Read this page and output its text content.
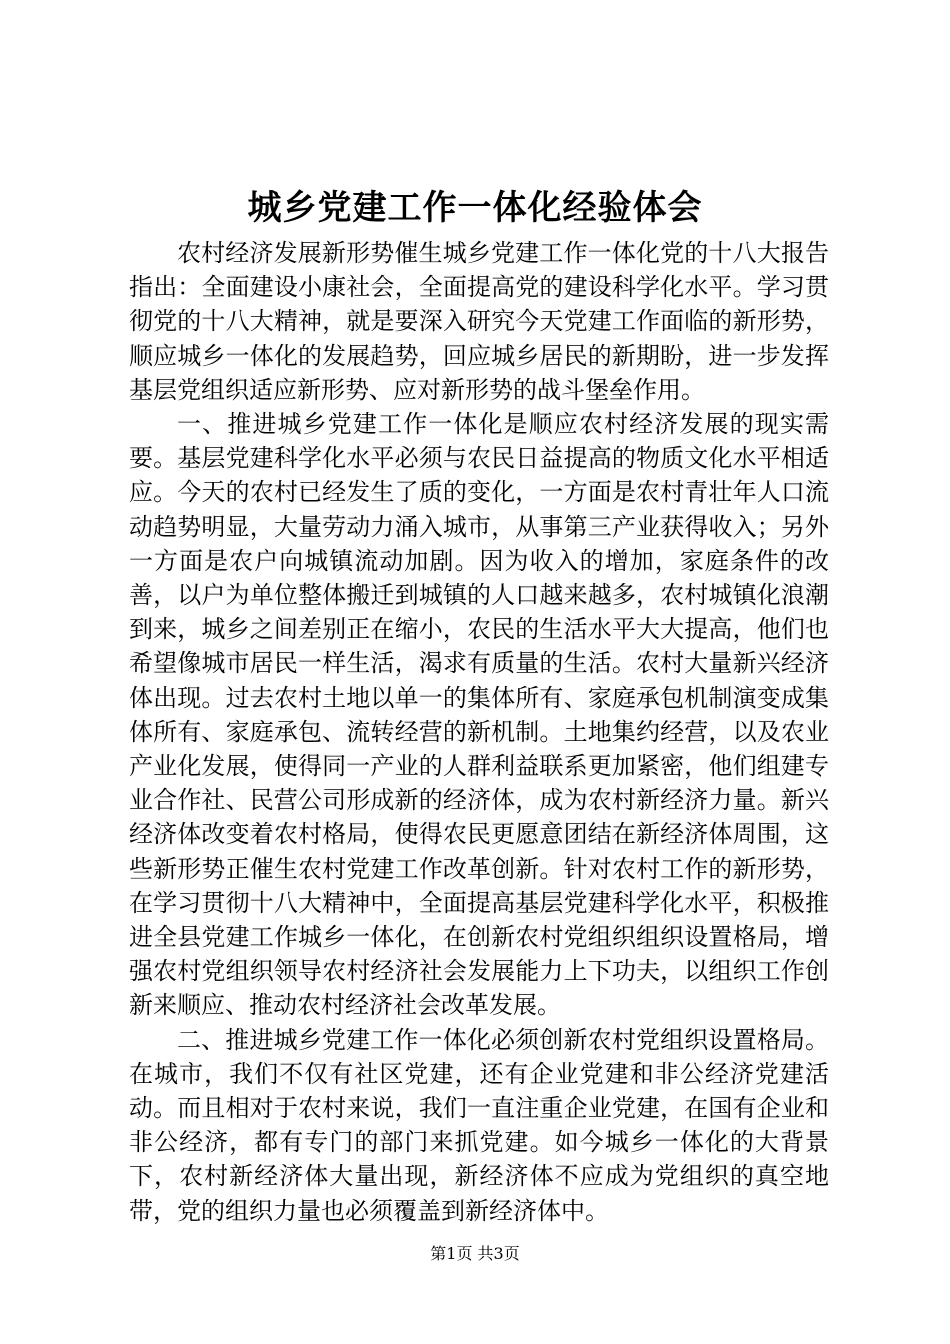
城乡党建工作一体化经验体会

农村经济发展新形势催生城乡党建工作一体化党的十八大报告指出：全面建设小康社会，全面提高党的建设科学化水平。学习贯彻党的十八大精神，就是要深入研究今天党建工作面临的新形势，顺应城乡一体化的发展趋势，回应城乡居民的新期盼，进一步发挥基层党组织适应新形势、应对新形势的战斗堡垒作用。

一、推进城乡党建工作一体化是顺应农村经济发展的现实需要。基层党建科学化水平必须与农民日益提高的物质文化水平相适应。今天的农村已经发生了质的变化，一方面是农村青壮年人口流动趋势明显，大量劳动力涌入城市，从事第三产业获得收入；另外一方面是农户向城镇流动加剧。因为收入的增加，家庭条件的改善，以户为单位整体搬迁到城镇的人口越来越多，农村城镇化浪潮到来，城乡之间差别正在缩小，农民的生活水平大大提高，他们也希望像城市居民一样生活，渴求有质量的生活。农村大量新兴经济体出现。过去农村土地以单一的集体所有、家庭承包机制演变成集体所有、家庭承包、流转经营的新机制。土地集约经营，以及农业产业化发展，使得同一产业的人群利益联系更加紧密，他们组建专业合作社、民营公司形成新的经济体，成为农村新经济力量。新兴经济体改变着农村格局，使得农民更愿意团结在新经济体周围，这些新形势正催生农村党建工作改革创新。针对农村工作的新形势，在学习贯彻十八大精神中，全面提高基层党建科学化水平，积极推进全县党建工作城乡一体化，在创新农村党组织组织设置格局，增强农村党组织领导农村经济社会发展能力上下功夫，以组织工作创新来顺应、推动农村经济社会改革发展。

二、推进城乡党建工作一体化必须创新农村党组织设置格局。在城市，我们不仅有社区党建，还有企业党建和非公经济党建活动。而且相对于农村来说，我们一直注重企业党建，在国有企业和非公经济，都有专门的部门来抓党建。如今城乡一体化的大背景下，农村新经济体大量出现，新经济体不应成为党组织的真空地带，党的组织力量也必须覆盖到新经济体中。

第1页 共3页
